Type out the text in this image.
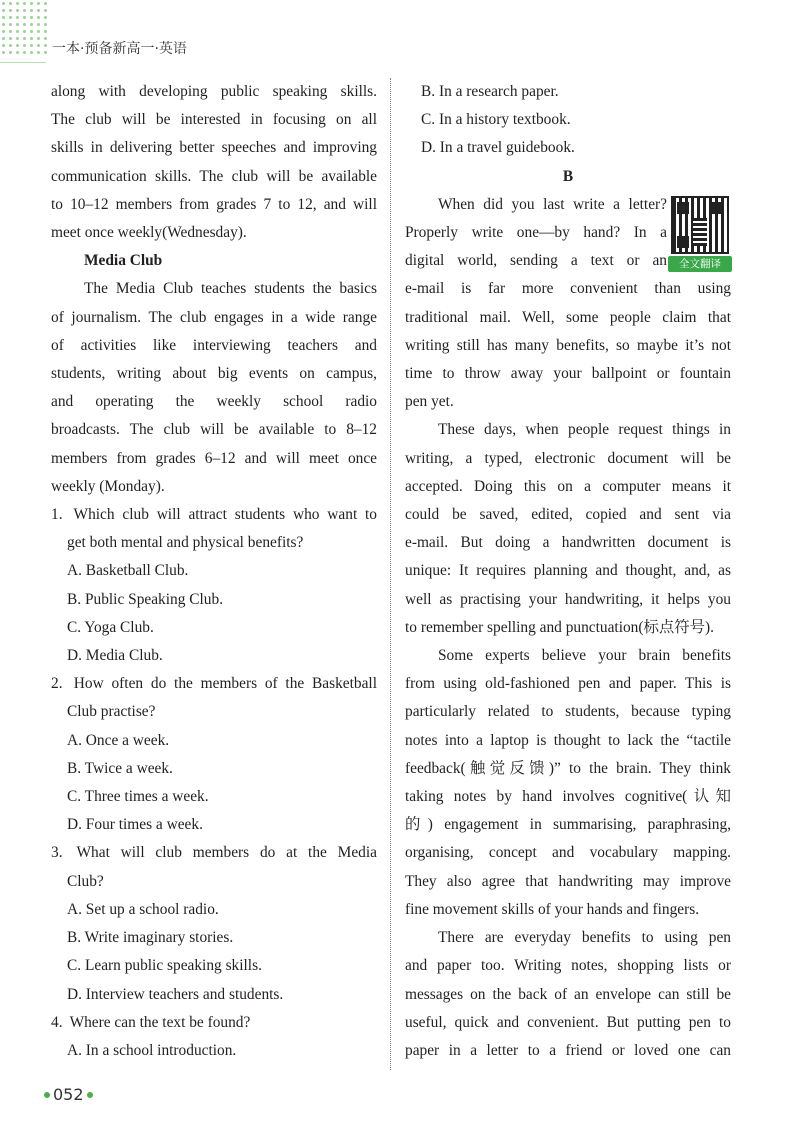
一本·预备新高一·英语
along with developing public speaking skills.
The club will be interested in focusing on all
skills in delivering better speeches and improving
communication skills. The club will be available
to 10–12 members from grades 7 to 12, and will
meet once weekly(Wednesday).
Media Club
The Media Club teaches students the basics
of journalism. The club engages in a wide range
of activities like interviewing teachers and
students, writing about big events on campus,
and operating the weekly school radio
broadcasts. The club will be available to 8–12
members from grades 6–12 and will meet once
weekly (Monday).
1. Which club will attract students who want to
get both mental and physical benefits?
A. Basketball Club.
B. Public Speaking Club.
C. Yoga Club.
D. Media Club.
2. How often do the members of the Basketball
Club practise?
A. Once a week.
B. Twice a week.
C. Three times a week.
D. Four times a week.
3. What will club members do at the Media
Club?
A. Set up a school radio.
B. Write imaginary stories.
C. Learn public speaking skills.
D. Interview teachers and students.
4. Where can the text be found?
A. In a school introduction.
B. In a research paper.
C. In a history textbook.
D. In a travel guidebook.
B
When did you last write a letter?
Properly write one—by hand? In a
digital world, sending a text or an
e-mail is far more convenient than using
traditional mail. Well, some people claim that
writing still has many benefits, so maybe it’s not
time to throw away your ballpoint or fountain
pen yet.
These days, when people request things in
writing, a typed, electronic document will be
accepted. Doing this on a computer means it
could be saved, edited, copied and sent via
e-mail. But doing a handwritten document is
unique: It requires planning and thought, and, as
well as practising your handwriting, it helps you
to remember spelling and punctuation(标点符号).
Some experts believe your brain benefits
from using old-fashioned pen and paper. This is
particularly related to students, because typing
notes into a laptop is thought to lack the “tactile
feedback(触觉反馈)” to the brain. They think
taking notes by hand involves cognitive(认知
的) engagement in summarising, paraphrasing,
organising, concept and vocabulary mapping.
They also agree that handwriting may improve
fine movement skills of your hands and fingers.
There are everyday benefits to using pen
and paper too. Writing notes, shopping lists or
messages on the back of an envelope can still be
useful, quick and convenient. But putting pen to
paper in a letter to a friend or loved one can
全文翻译
052
